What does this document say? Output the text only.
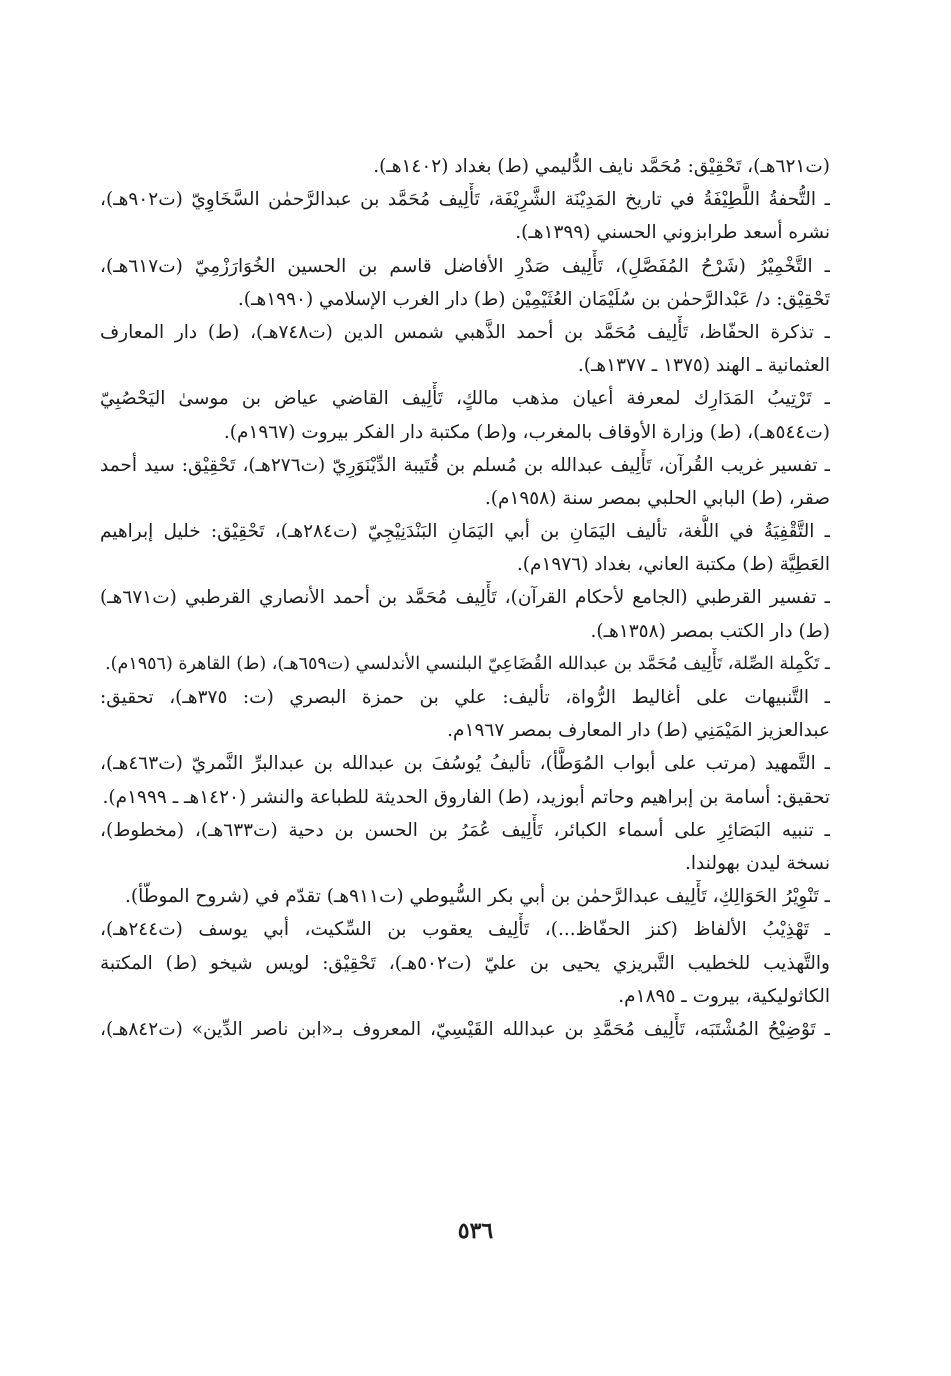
(ت٦٢١هـ)، تَحْقِيْق: مُحَمَّد نايف الدُّليمي (ط) بغداد (١٤٠٢هـ).
ـ التُّحفةُ اللَّطِيْفَةُ في تاريخ المَدِيْنَة الشَّرِيْفَة، تَأْلِيف مُحَمَّد بن عبدالرَّحمٰن السَّخَاوِيّ (ت٩٠٢هـ)،
نشره أسعد طرابزوني الحسني (١٣٩٩هـ).
ـ التَّخْمِيْرُ (شَرْحُ المُفَصَّلِ)، تَأْلِيف صَدْرِ الأفاضل قاسم بن الحسين الخُوَارَزْمِيّ (ت٦١٧هـ)،
تَحْقِيْق: د/ عَبْدالرَّحمٰن بن سُلَيْمَان العُثَيْمِيْن (ط) دار الغرب الإسلامي (١٩٩٠هـ).
ـ تذكرة الحفّاظ، تَأْلِيف مُحَمَّد بن أحمد الذَّهبي شمس الدين (ت٧٤٨هـ)، (ط) دار المعارف
العثمانية ـ الهند (١٣٧٥ ـ ١٣٧٧هـ).
ـ تَرْتِيبُ المَدَارِك لمعرفة أعيان مذهب مالكٍ، تَأْلِيف القاضي عياض بن موسىٰ اليَحْصُبِيّ
(ت٥٤٤هـ)، (ط) وزارة الأوقاف بالمغرب، و(ط) مكتبة دار الفكر بيروت (١٩٦٧م).
ـ تفسير غريب القُرآن، تَأْلِيف عبدالله بن مُسلم بن قُتَيبة الدِّيْنَوَرِيّ (ت٢٧٦هـ)، تَحْقِيْق: سيد أحمد
صقر، (ط) البابي الحلبي بمصر سنة (١٩٥٨م).
ـ التَّقْفِيَةُ في اللُّغة، تأليف اليَمَانِ بن أبي اليَمَانِ البَنْدَنِيْجِيّ (ت٢٨٤هـ)، تَحْقِيْق: خليل إبراهيم
العَطِيَّة (ط) مكتبة العاني، بغداد (١٩٧٦م).
ـ تفسير القرطبي (الجامع لأحكام القرآن)، تَأْلِيف مُحَمَّد بن أحمد الأنصاري القرطبي (ت٦٧١هـ)
(ط) دار الكتب بمصر (١٣٥٨هـ).
ـ تَكْمِلة الصِّلة، تَأْلِيف مُحَمَّد بن عبدالله القُضَاعِيّ البلنسي الأندلسي (ت٦٥٩هـ)، (ط) القاهرة (١٩٥٦م).
ـ التَّنبيهات على أغاليط الرُّواة، تأليف: علي بن حمزة البصري (ت: ٣٧٥هـ)، تحقيق:
عبدالعزيز المَيْمَنِي (ط) دار المعارف بمصر ١٩٦٧م.
ـ التَّمهيد (مرتب على أبواب المُوَطَّأ)، تأليفُ يُوسُفَ بن عبدالله بن عبدالبرِّ النَّمريّ (ت٤٦٣هـ)،
تحقيق: أسامة بن إبراهيم وحاتم أبوزيد، (ط) الفاروق الحديثة للطباعة والنشر (١٤٢٠هـ ـ ١٩٩٩م).
ـ تنبيه البَصَائِرِ على أسماء الكبائر، تَأْلِيف عُمَرُ بن الحسن بن دحية (ت٦٣٣هـ)، (مخطوط)،
نسخة ليدن بهولندا.
ـ تَنْوِيْرُ الحَوَالِكِ، تَأْلِيف عبدالرَّحمٰن بن أبي بكر السُّيوطي (ت٩١١هـ) تقدّم في (شروح الموطّأ).
ـ تَهْذِيْبُ الألفاظ (كنز الحفّاظ...)، تَأْلِيف يعقوب بن السِّكيت، أبي يوسف (ت٢٤٤هـ)،
والتَّهذيب للخطيب التَّبريزي يحيى بن عليّ (ت٥٠٢هـ)، تَحْقِيْق: لويس شيخو (ط) المكتبة
الكاثوليكية، بيروت ـ ١٨٩٥م.
ـ تَوْضِيْحُ المُشْتَبَه، تَأْلِيف مُحَمَّدِ بن عبدالله القَيْسِيّ، المعروف بـ«ابن ناصر الدِّين» (ت٨٤٢هـ)،
٥٣٦
